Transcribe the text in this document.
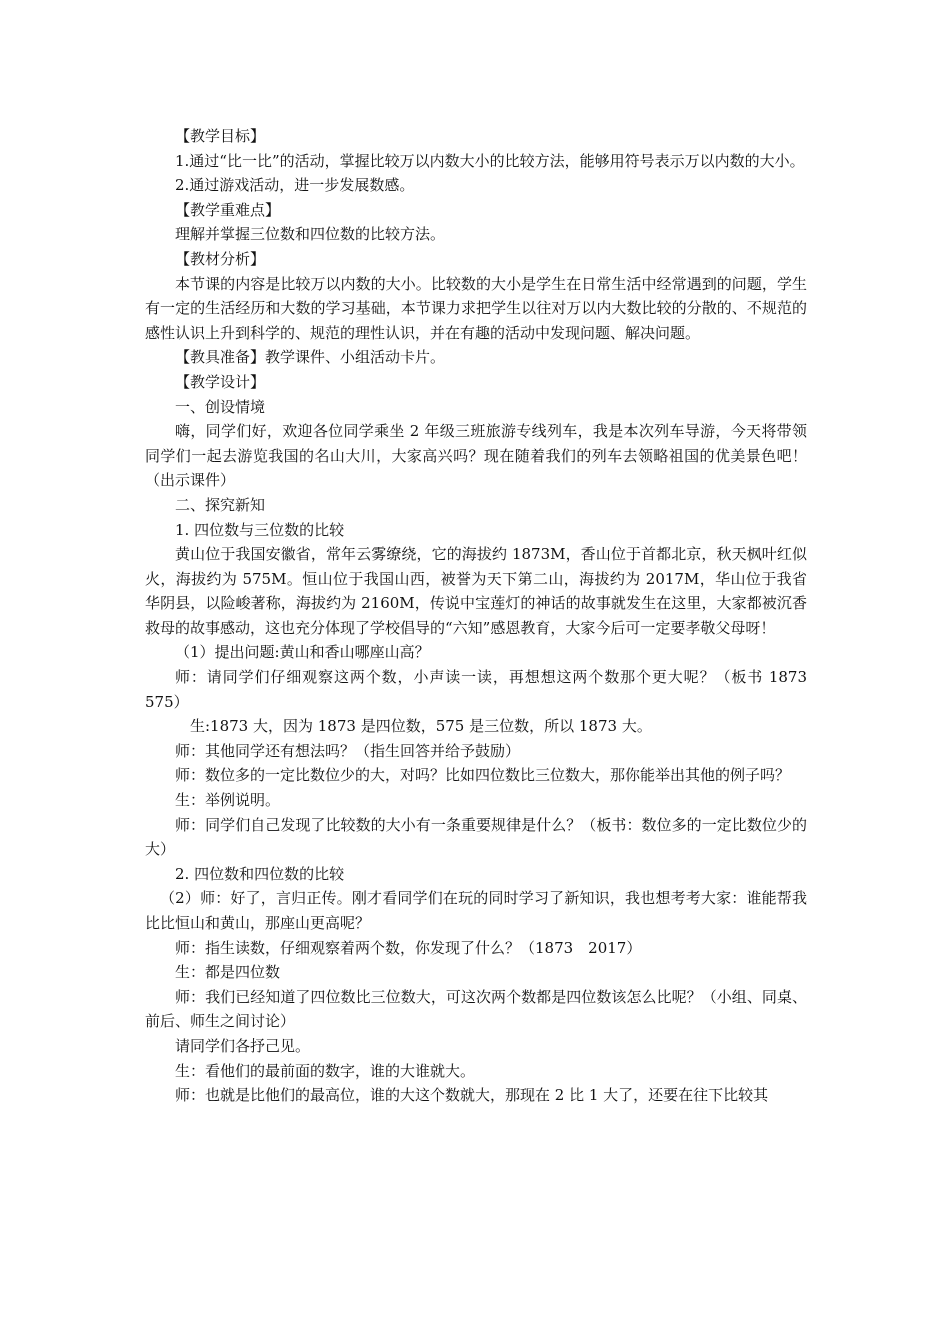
【教学目标】

1.通过“比一比”的活动，掌握比较万以内数大小的比较方法，能够用符号表示万以内数的大小。

2.通过游戏活动，进一步发展数感。

【教学重难点】

理解并掌握三位数和四位数的比较方法。

【教材分析】

本节课的内容是比较万以内数的大小。比较数的大小是学生在日常生活中经常遇到的问题，学生有一定的生活经历和大数的学习基础，本节课力求把学生以往对万以内大数比较的分散的、不规范的感性认识上升到科学的、规范的理性认识，并在有趣的活动中发现问题、解决问题。

【教具准备】教学课件、小组活动卡片。

【教学设计】

一、创设情境

嗨，同学们好，欢迎各位同学乘坐 2 年级三班旅游专线列车，我是本次列车导游，今天将带领同学们一起去游览我国的名山大川，大家高兴吗？现在随着我们的列车去领略祖国的优美景色吧！（出示课件）

二、探究新知

1. 四位数与三位数的比较

黄山位于我国安徽省，常年云雾缭绕，它的海拔约 1873M，香山位于首都北京，秋天枫叶红似火，海拔约为 575M。恒山位于我国山西，被誉为天下第二山，海拔约为 2017M，华山位于我省华阴县，以险峻著称，海拔约为 2160M，传说中宝莲灯的神话的故事就发生在这里，大家都被沉香救母的故事感动，这也充分体现了学校倡导的“六知”感恩教育，大家今后可一定要孝敬父母呀！

（1）提出问题:黄山和香山哪座山高？

师：请同学们仔细观察这两个数，小声读一读，再想想这两个数那个更大呢？（板书 1873　575）

生:1873 大，因为 1873 是四位数，575 是三位数，所以 1873 大。

师：其他同学还有想法吗？（指生回答并给予鼓励）

师：数位多的一定比数位少的大，对吗？比如四位数比三位数大，那你能举出其他的例子吗？

生：举例说明。

师：同学们自己发现了比较数的大小有一条重要规律是什么？（板书：数位多的一定比数位少的大）

2. 四位数和四位数的比较

（2）师：好了，言归正传。刚才看同学们在玩的同时学习了新知识，我也想考考大家：谁能帮我比比恒山和黄山，那座山更高呢？

师：指生读数，仔细观察着两个数，你发现了什么？（1873　2017）

生：都是四位数

师：我们已经知道了四位数比三位数大，可这次两个数都是四位数该怎么比呢？（小组、同桌、前后、师生之间讨论）

请同学们各抒己见。

生：看他们的最前面的数字，谁的大谁就大。

师：也就是比他们的最高位，谁的大这个数就大，那现在 2 比 1 大了，还要在往下比较其
